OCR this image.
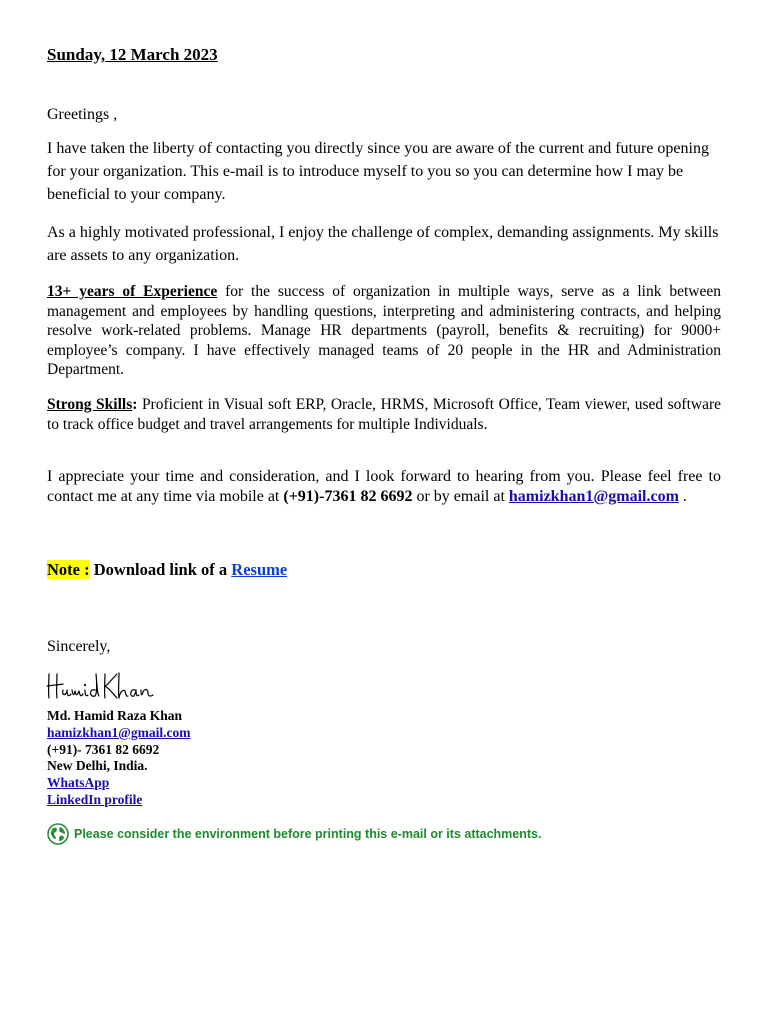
Sunday, 12 March 2023
Greetings ,
I have taken the liberty of contacting you directly since you are aware of the current and future opening for your organization. This e-mail is to introduce myself to you so you can determine how I may be beneficial to your company.
As a highly motivated professional, I enjoy the challenge of complex, demanding assignments. My skills are assets to any organization.
13+ years of Experience for the success of organization in multiple ways, serve as a link between management and employees by handling questions, interpreting and administering contracts, and helping resolve work-related problems. Manage HR departments (payroll, benefits & recruiting) for 9000+ employee’s company. I have effectively managed teams of 20 people in the HR and Administration Department.
Strong Skills: Proficient in Visual soft ERP, Oracle, HRMS, Microsoft Office, Team viewer, used software to track office budget and travel arrangements for multiple Individuals.
I appreciate your time and consideration, and I look forward to hearing from you. Please feel free to contact me at any time via mobile at (+91)-7361 82 6692 or by email at hamizkhan1@gmail.com .
Note : Download link of a Resume
Sincerely,
Md. Hamid Raza Khan
hamizkhan1@gmail.com
(+91)- 7361 82 6692
New Delhi, India.
WhatsApp
LinkedIn profile
Please consider the environment before printing this e-mail or its attachments.
